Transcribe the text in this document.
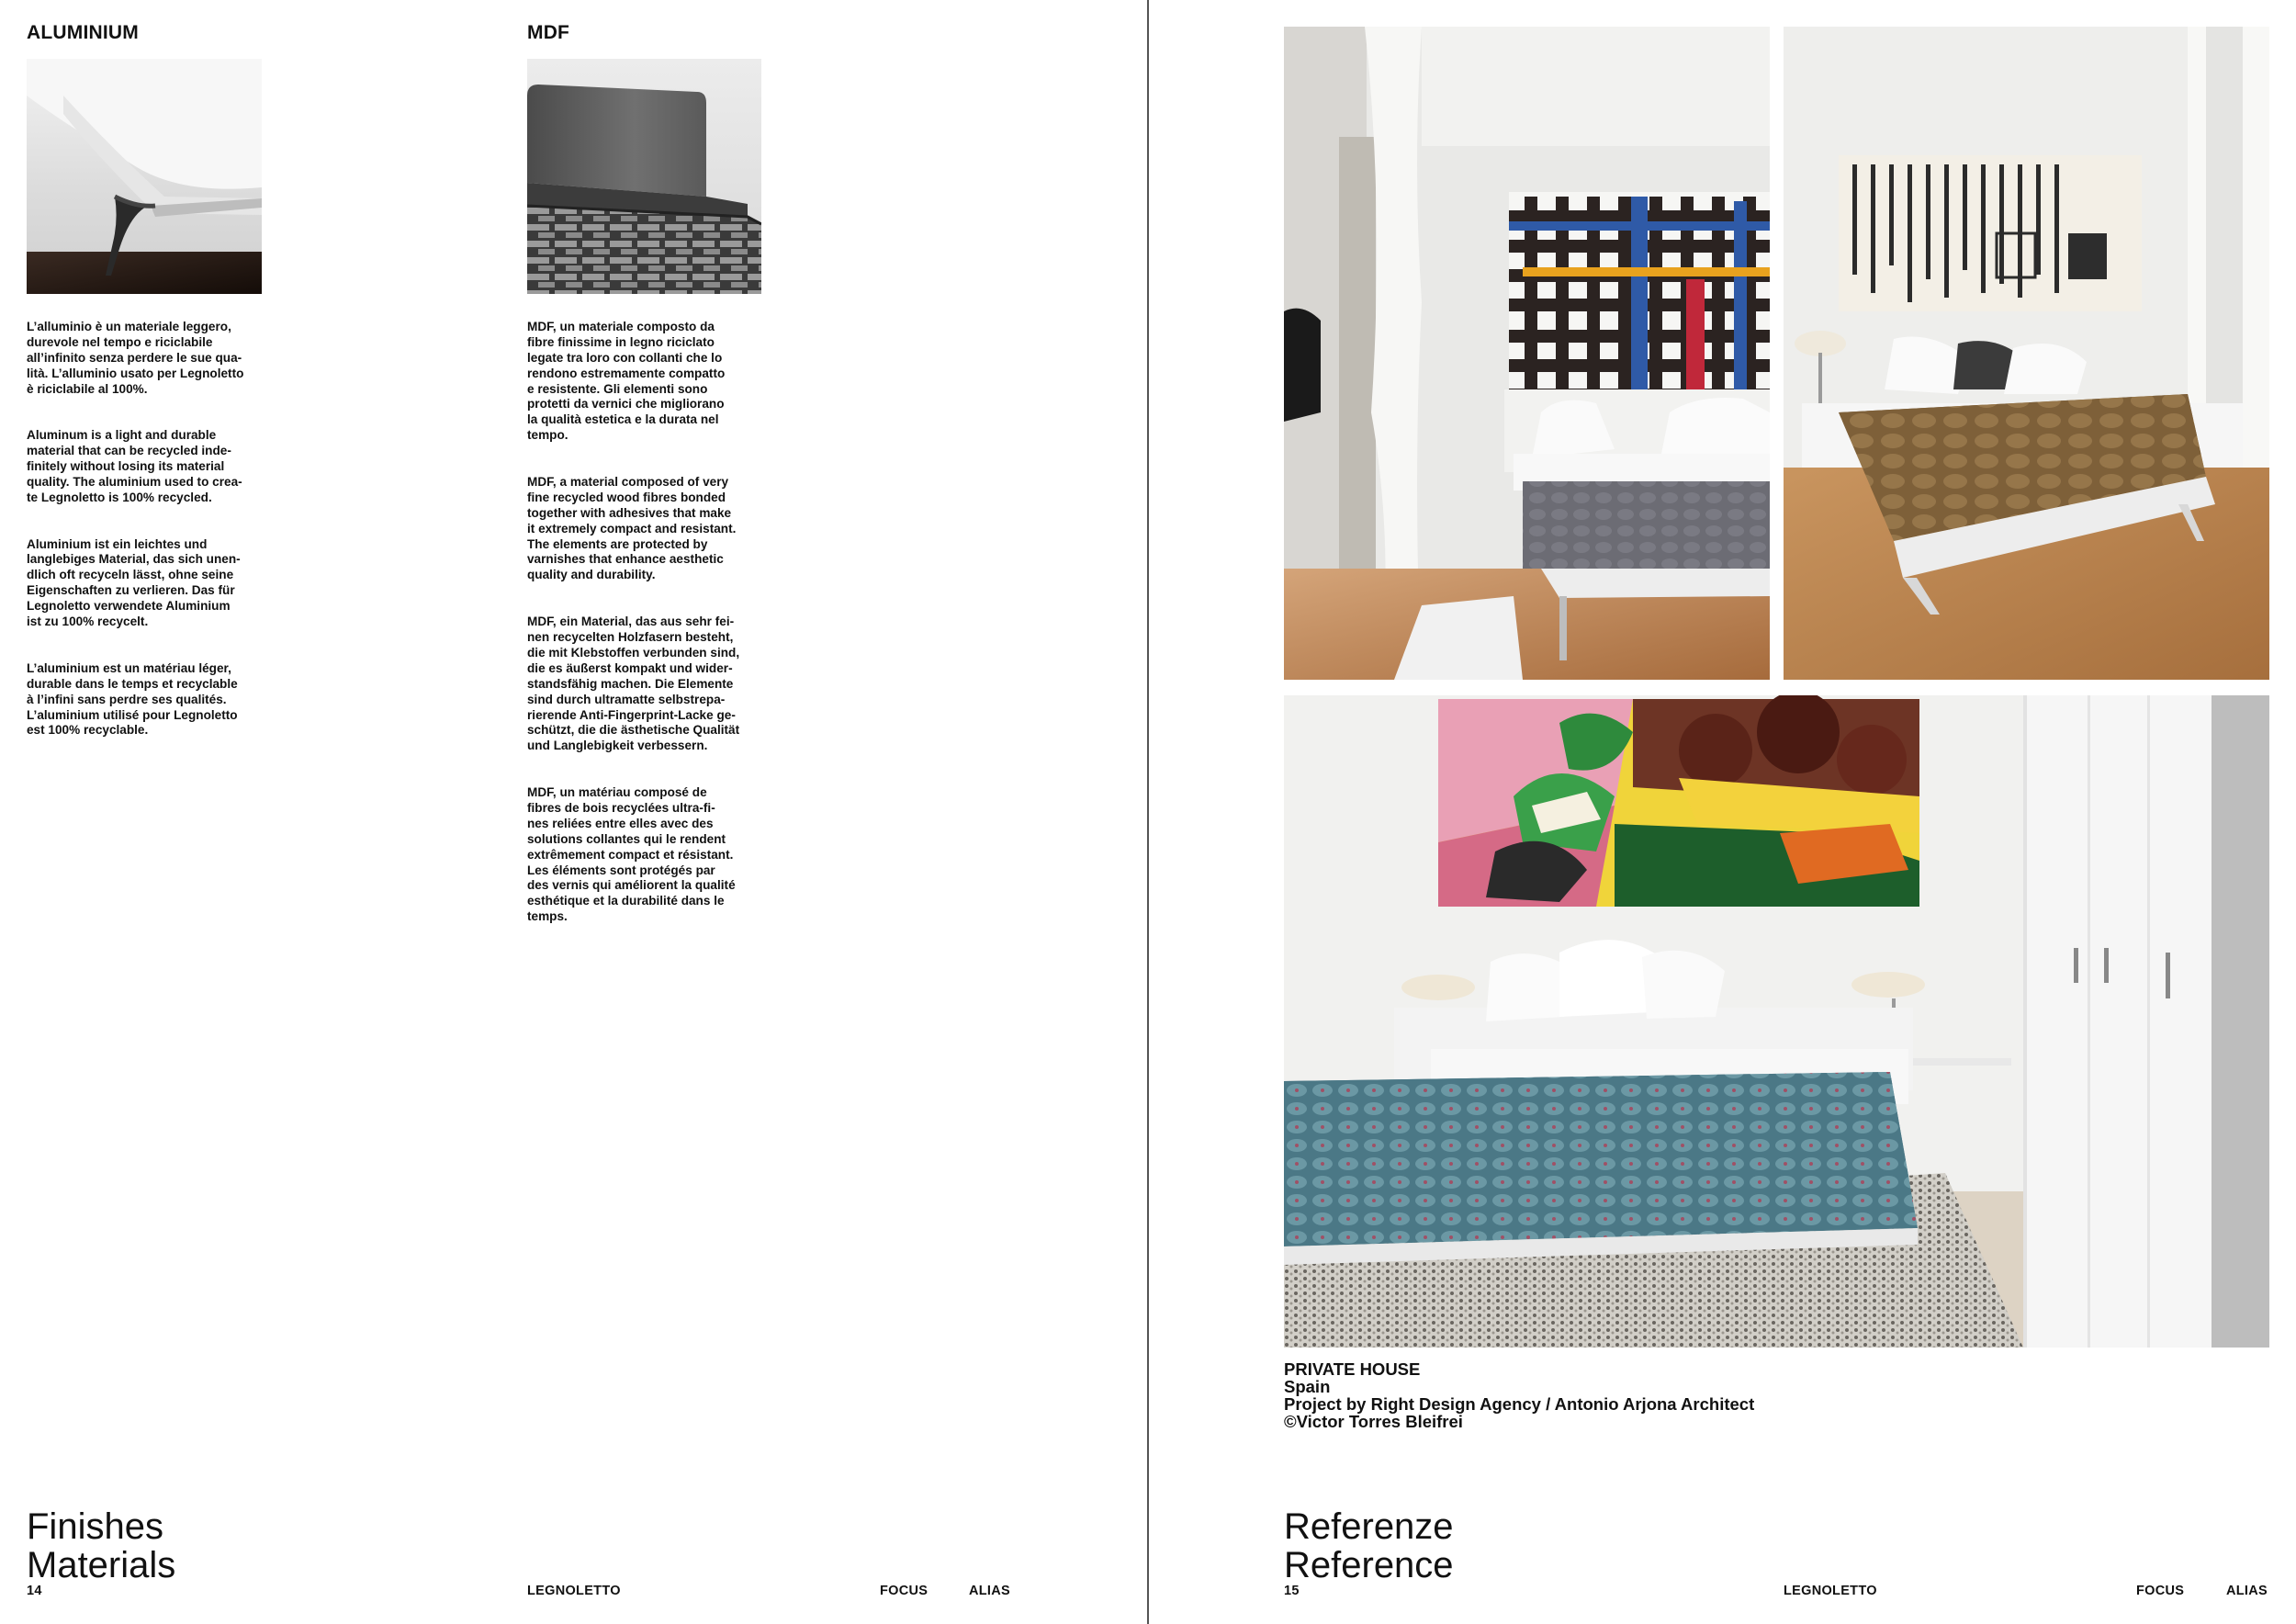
ALUMINIUM

L’alluminio è un materiale leggero,
durevole nel tempo e riciclabile
all’infinito senza perdere le sue qua-
lità. L’alluminio usato per Legnoletto
è riciclabile al 100%.

Aluminum is a light and durable
material that can be recycled inde-
finitely without losing its material
quality. The aluminium used to crea-
te Legnoletto is 100% recycled.

Aluminium ist ein leichtes und
langlebiges Material, das sich unen-
dlich oft recyceln lässt, ohne seine
Eigenschaften zu verlieren. Das für
Legnoletto verwendete Aluminium
ist zu 100% recycelt.

L’aluminium est un matériau léger,
durable dans le temps et recyclable
à l’infini sans perdre ses qualités.
L’aluminium utilisé pour Legnoletto
est 100% recyclable.

MDF

MDF, un materiale composto da
fibre finissime in legno riciclato
legate tra loro con collanti che lo
rendono estremamente compatto
e resistente. Gli elementi sono
protetti da vernici che migliorano
la qualità estetica e la durata nel
tempo.

MDF, a material composed of very
fine recycled wood fibres bonded
together with adhesives that make
it extremely compact and resistant.
The elements are protected by
varnishes that enhance aesthetic
quality and durability.

MDF, ein Material, das aus sehr fei-
nen recycelten Holzfasern besteht,
die mit Klebstoffen verbunden sind,
die es äußerst kompakt und wider-
standsfähig machen. Die Elemente
sind durch ultramatte selbstrepa-
rierende Anti-Fingerprint-Lacke ge-
schützt, die die ästhetische Qualität
und Langlebigkeit verbessern.

MDF, un matériau composé de
fibres de bois recyclées ultra-fi-
nes reliées entre elles avec des
solutions collantes qui le rendent
extrêmement compact et résistant.
Les éléments sont protégés par
des vernis qui améliorent la qualité
esthétique et la durabilité dans le
temps.

Finishes
Materials
14	LEGNOLETTO	FOCUS	ALIAS
PRIVATE HOUSE
Spain
Project by Right Design Agency / Antonio Arjona Architect
©Victor Torres Bleifrei
Referenze
Reference
15	LEGNOLETTO	FOCUS	ALIAS
